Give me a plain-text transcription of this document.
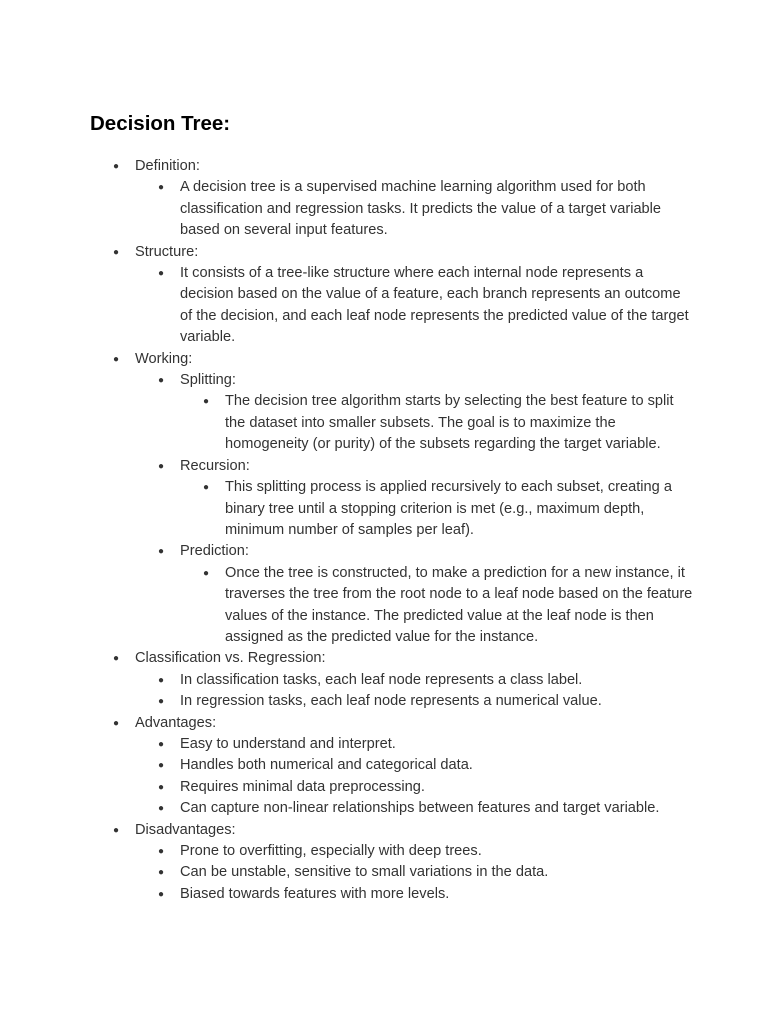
Decision Tree:
● Definition:
● A decision tree is a supervised machine learning algorithm used for both classification and regression tasks. It predicts the value of a target variable based on several input features.
● Structure:
● It consists of a tree-like structure where each internal node represents a decision based on the value of a feature, each branch represents an outcome of the decision, and each leaf node represents the predicted value of the target variable.
● Working:
● Splitting:
● The decision tree algorithm starts by selecting the best feature to split the dataset into smaller subsets. The goal is to maximize the homogeneity (or purity) of the subsets regarding the target variable.
● Recursion:
● This splitting process is applied recursively to each subset, creating a binary tree until a stopping criterion is met (e.g., maximum depth, minimum number of samples per leaf).
● Prediction:
● Once the tree is constructed, to make a prediction for a new instance, it traverses the tree from the root node to a leaf node based on the feature values of the instance. The predicted value at the leaf node is then assigned as the predicted value for the instance.
● Classification vs. Regression:
● In classification tasks, each leaf node represents a class label.
● In regression tasks, each leaf node represents a numerical value.
● Advantages:
● Easy to understand and interpret.
● Handles both numerical and categorical data.
● Requires minimal data preprocessing.
● Can capture non-linear relationships between features and target variable.
● Disadvantages:
● Prone to overfitting, especially with deep trees.
● Can be unstable, sensitive to small variations in the data.
● Biased towards features with more levels.
